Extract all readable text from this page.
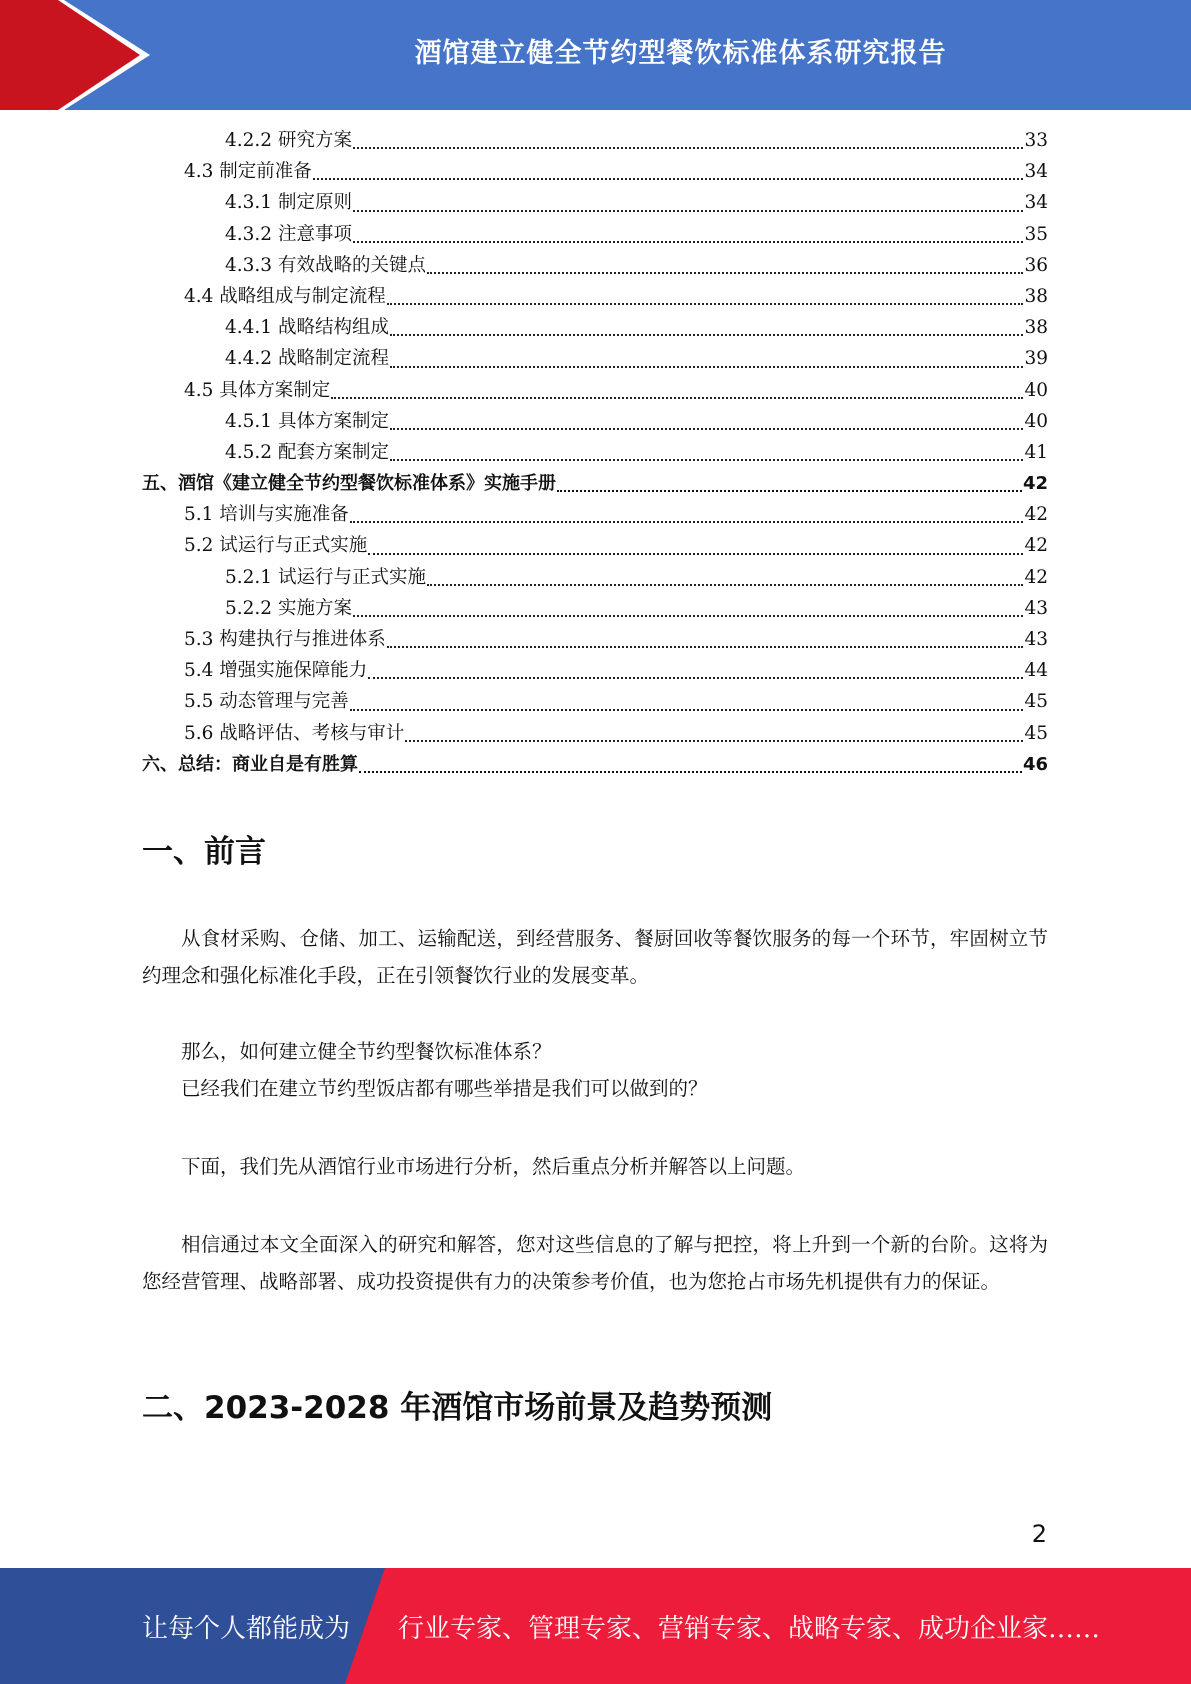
酒馆建立健全节约型餐饮标准体系研究报告
4.2.2 研究方案	33
4.3 制定前准备	34
4.3.1 制定原则	34
4.3.2 注意事项	35
4.3.3 有效战略的关键点	36
4.4 战略组成与制定流程	38
4.4.1 战略结构组成	38
4.4.2 战略制定流程	39
4.5 具体方案制定	40
4.5.1 具体方案制定	40
4.5.2 配套方案制定	41
五、酒馆《建立健全节约型餐饮标准体系》实施手册	42
5.1 培训与实施准备	42
5.2 试运行与正式实施	42
5.2.1 试运行与正式实施	42
5.2.2 实施方案	43
5.3 构建执行与推进体系	43
5.4 增强实施保障能力	44
5.5 动态管理与完善	45
5.6 战略评估、考核与审计	45
六、总结：商业自是有胜算	46
一、前言
从食材采购、仓储、加工、运输配送，到经营服务、餐厨回收等餐饮服务的每一个环节，牢固树立节约理念和强化标准化手段，正在引领餐饮行业的发展变革。
那么，如何建立健全节约型餐饮标准体系？
已经我们在建立节约型饭店都有哪些举措是我们可以做到的？
下面，我们先从酒馆行业市场进行分析，然后重点分析并解答以上问题。
相信通过本文全面深入的研究和解答，您对这些信息的了解与把控，将上升到一个新的台阶。这将为您经营管理、战略部署、成功投资提供有力的决策参考价值，也为您抢占市场先机提供有力的保证。
二、2023-2028 年酒馆市场前景及趋势预测
2
让每个人都能成为 行业专家、管理专家、营销专家、战略专家、成功企业家……
